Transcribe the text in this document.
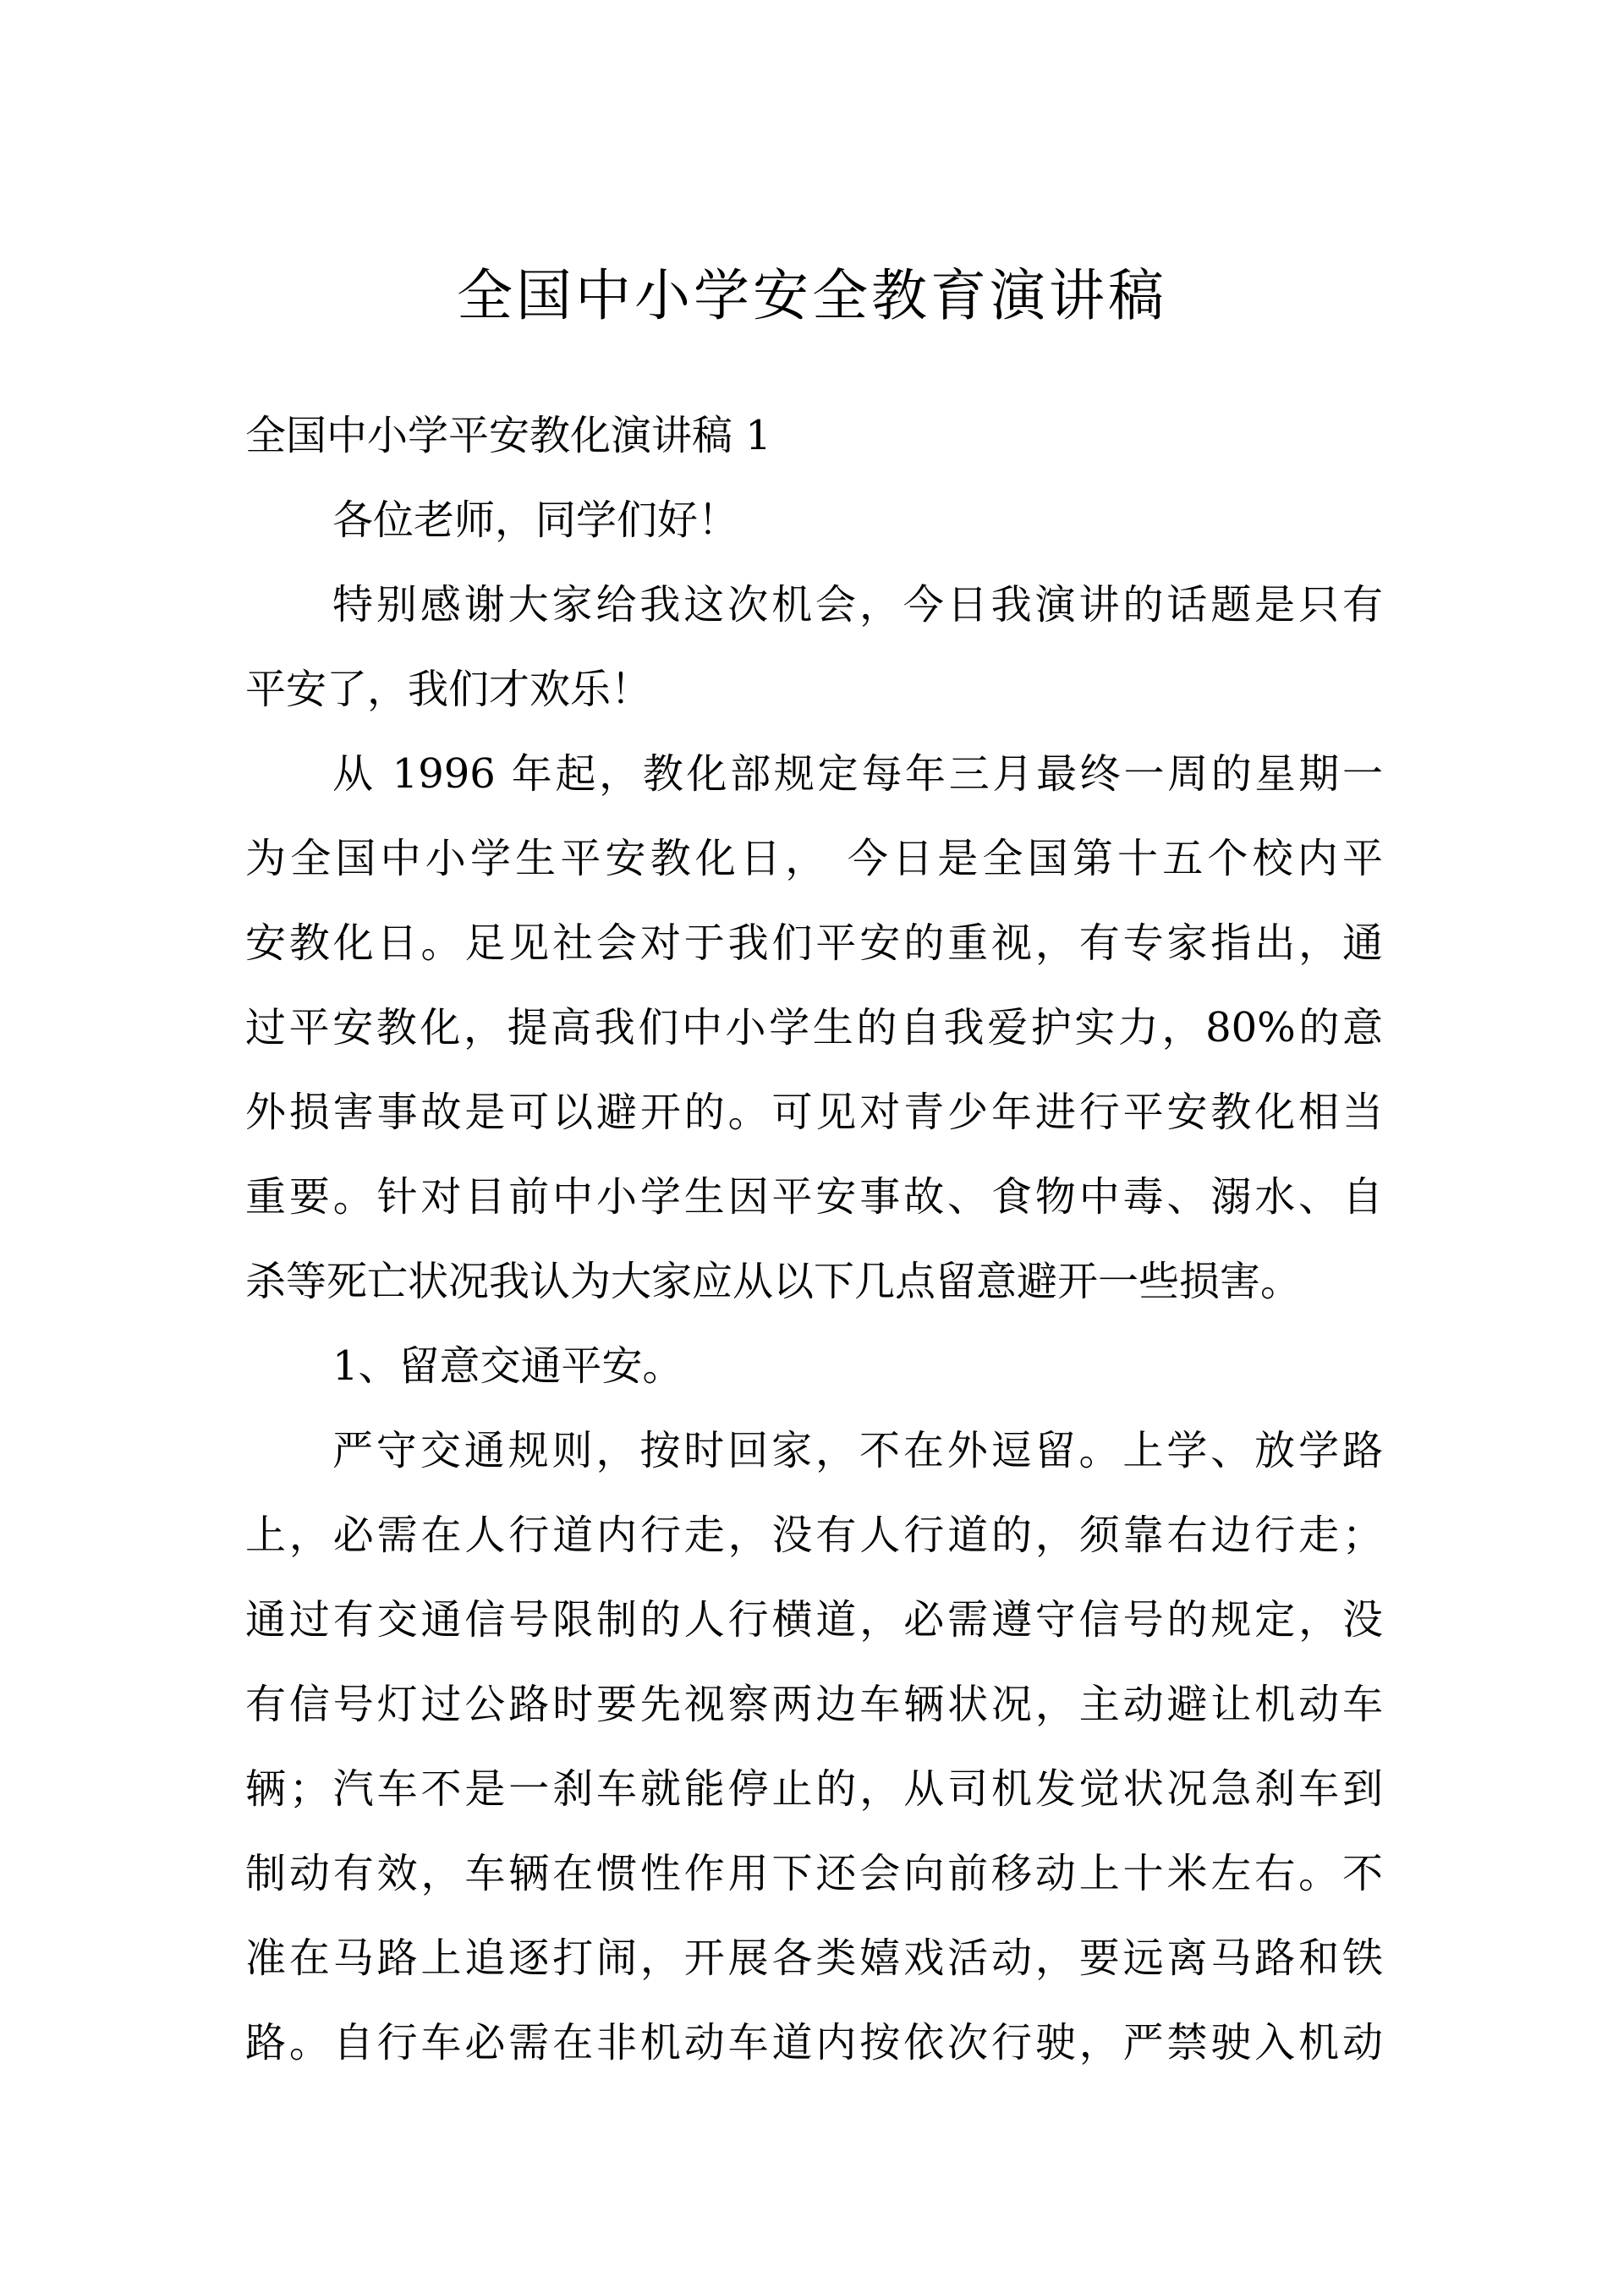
全国中小学安全教育演讲稿
全国中小学平安教化演讲稿 1
各位老师，同学们好！
特别感谢大家给我这次机会，今日我演讲的话题是只有
平安了，我们才欢乐！
从 1996 年起，教化部规定每年三月最终一周的星期一
为全国中小学生平安教化日， 今日是全国第十五个校内平
安教化日。足见社会对于我们平安的重视，有专家指出，通
过平安教化，提高我们中小学生的自我爱护实力，80%的意
外损害事故是可以避开的。可见对青少年进行平安教化相当
重要。针对目前中小学生因平安事故、食物中毒、溺水、自
杀等死亡状况我认为大家应从以下几点留意避开一些损害。
1、留意交通平安。
严守交通规则，按时回家，不在外逗留。上学、放学路
上，必需在人行道内行走，没有人行道的，须靠右边行走；
通过有交通信号限制的人行横道，必需遵守信号的规定，没
有信号灯过公路时要先视察两边车辆状况，主动避让机动车
辆；汽车不是一刹车就能停止的，从司机发觉状况急刹车到
制动有效，车辆在惯性作用下还会向前移动上十米左右。不
准在马路上追逐打闹，开展各类嬉戏活动，要远离马路和铁
路。自行车必需在非机动车道内按依次行驶，严禁驶入机动
